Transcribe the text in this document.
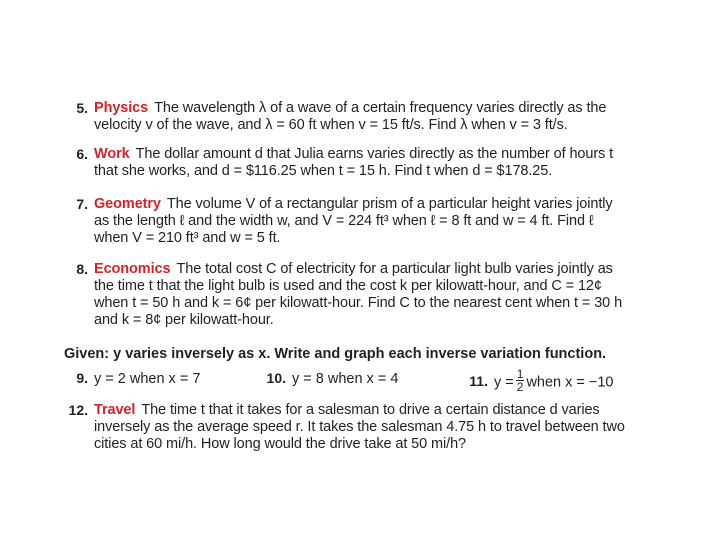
5. Physics The wavelength λ of a wave of a certain frequency varies directly as the
velocity v of the wave, and λ = 60 ft when v = 15 ft/s. Find λ when v = 3 ft/s.
6. Work The dollar amount d that Julia earns varies directly as the number of hours t
that she works, and d = $116.25 when t = 15 h. Find t when d = $178.25.
7. Geometry The volume V of a rectangular prism of a particular height varies jointly
as the length ℓ and the width w, and V = 224 ft³ when ℓ = 8 ft and w = 4 ft. Find ℓ
when V = 210 ft³ and w = 5 ft.
8. Economics The total cost C of electricity for a particular light bulb varies jointly as
the time t that the light bulb is used and the cost k per kilowatt-hour, and C = 12¢
when t = 50 h and k = 6¢ per kilowatt-hour. Find C to the nearest cent when t = 30 h
and k = 8¢ per kilowatt-hour.
Given: y varies inversely as x. Write and graph each inverse variation function.
9. y = 2 when x = 7	10. y = 8 when x = 4	11. $y = \frac{1}{2}$ when x = −10
12. Travel The time t that it takes for a salesman to drive a certain distance d varies
inversely as the average speed r. It takes the salesman 4.75 h to travel between two
cities at 60 mi/h. How long would the drive take at 50 mi/h?
